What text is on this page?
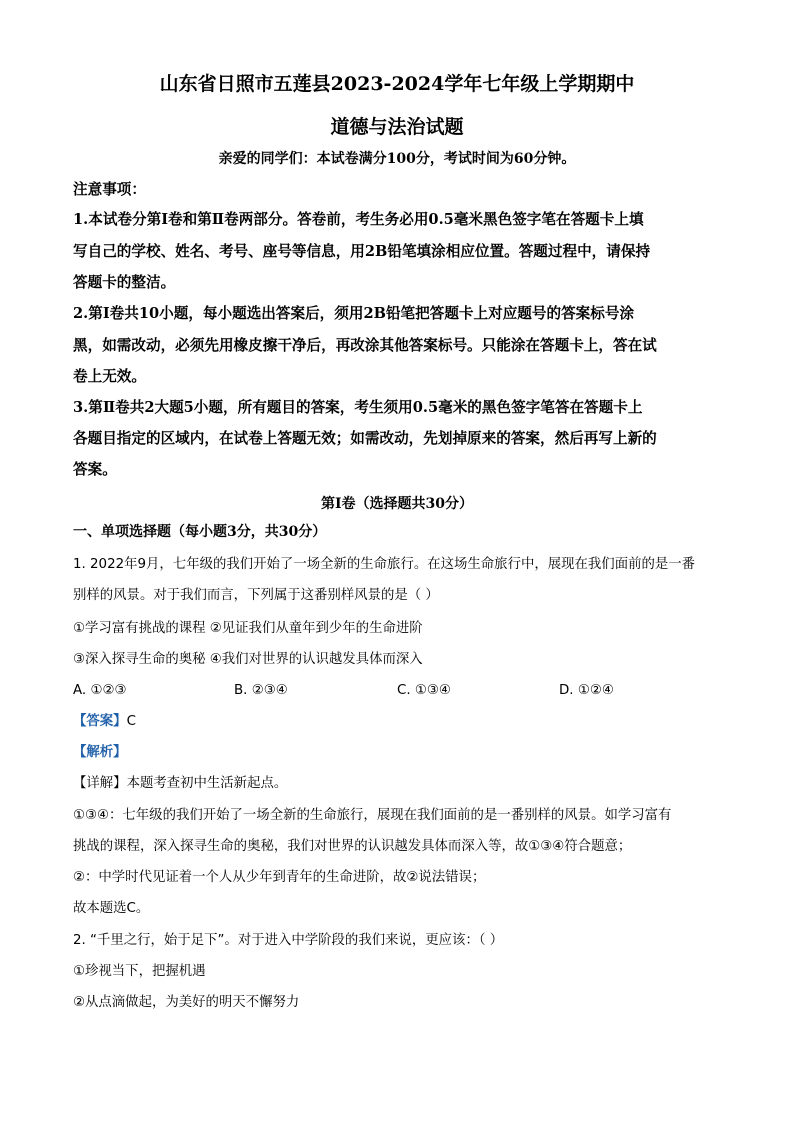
山东省日照市五莲县2023-2024学年七年级上学期期中
道德与法治试题
亲爱的同学们：本试卷满分100分，考试时间为60分钟。
注意事项：
1.本试卷分第Ⅰ卷和第Ⅱ卷两部分。答卷前，考生务必用0.5毫米黑色签字笔在答题卡上填
写自己的学校、姓名、考号、座号等信息，用2B铅笔填涂相应位置。答题过程中，请保持
答题卡的整洁。
2.第Ⅰ卷共10小题，每小题选出答案后，须用2B铅笔把答题卡上对应题号的答案标号涂
黑，如需改动，必须先用橡皮擦干净后，再改涂其他答案标号。只能涂在答题卡上，答在试
卷上无效。
3.第Ⅱ卷共2大题5小题，所有题目的答案，考生须用0.5毫米的黑色签字笔答在答题卡上
各题目指定的区域内，在试卷上答题无效；如需改动，先划掉原来的答案，然后再写上新的
答案。
第Ⅰ卷（选择题共30分）
一、单项选择题（每小题3分，共30分）
1. 2022年9月，七年级的我们开始了一场全新的生命旅行。在这场生命旅行中，展现在我们面前的是一番
别样的风景。对于我们而言，下列属于这番别样风景的是（ ）
①学习富有挑战的课程 ②见证我们从童年到少年的生命进阶
③深入探寻生命的奥秘 ④我们对世界的认识越发具体而深入
A. ①②③	B. ②③④	C. ①③④	D. ①②④
【答案】C
【解析】
【详解】本题考查初中生活新起点。
①③④：七年级的我们开始了一场全新的生命旅行，展现在我们面前的是一番别样的风景。如学习富有
挑战的课程，深入探寻生命的奥秘，我们对世界的认识越发具体而深入等，故①③④符合题意；
②：中学时代见证着一个人从少年到青年的生命进阶，故②说法错误；
故本题选C。
2. “千里之行，始于足下”。对于进入中学阶段的我们来说，更应该：（ ）
①珍视当下，把握机遇
②从点滴做起，为美好的明天不懈努力
